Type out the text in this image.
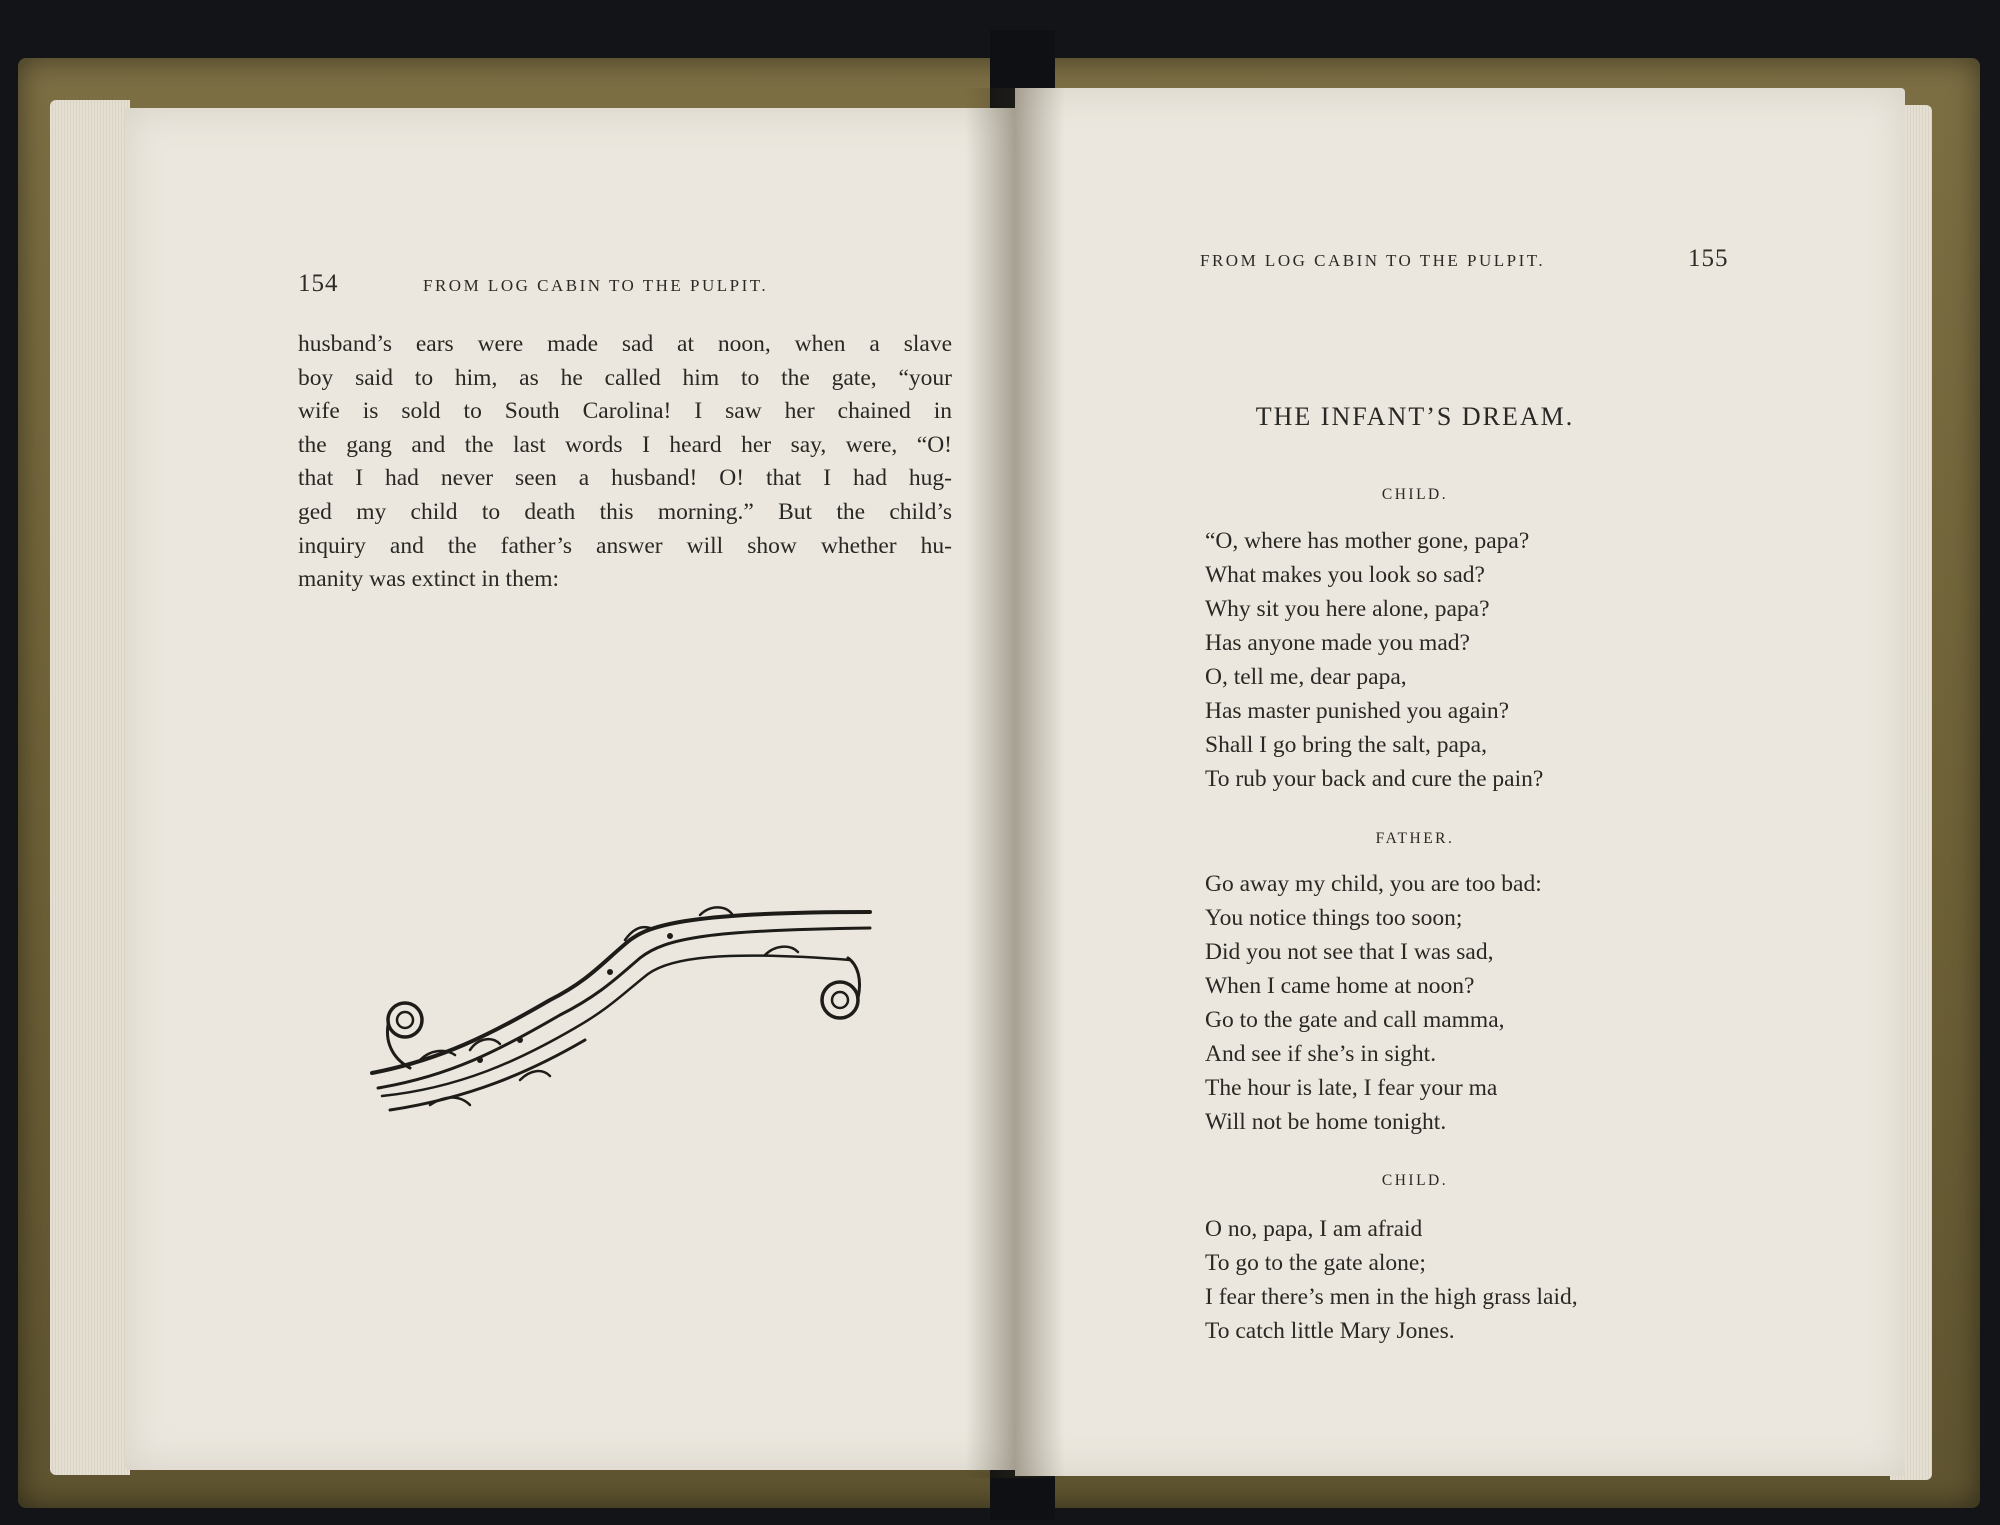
154	FROM LOG CABIN TO THE PULPIT.
husband’s ears were made sad at noon, when a slave
boy said to him, as he called him to the gate, “your
wife is sold to South Carolina! I saw her chained in
the gang and the last words I heard her say, were, “O!
that I had never seen a husband! O! that I had hug-
ged my child to death this morning.” But the child’s
inquiry and the father’s answer will show whether hu-
manity was extinct in them:
FROM LOG CABIN TO THE PULPIT.	155
THE INFANT’S DREAM.
CHILD.
“O, where has mother gone, papa?
What makes you look so sad?
Why sit you here alone, papa?
Has anyone made you mad?
O, tell me, dear papa,
Has master punished you again?
Shall I go bring the salt, papa,
To rub your back and cure the pain?
FATHER.
Go away my child, you are too bad:
You notice things too soon;
Did you not see that I was sad,
When I came home at noon?
Go to the gate and call mamma,
And see if she’s in sight.
The hour is late, I fear your ma
Will not be home tonight.
CHILD.
O no, papa, I am afraid
To go to the gate alone;
I fear there’s men in the high grass laid,
To catch little Mary Jones.
